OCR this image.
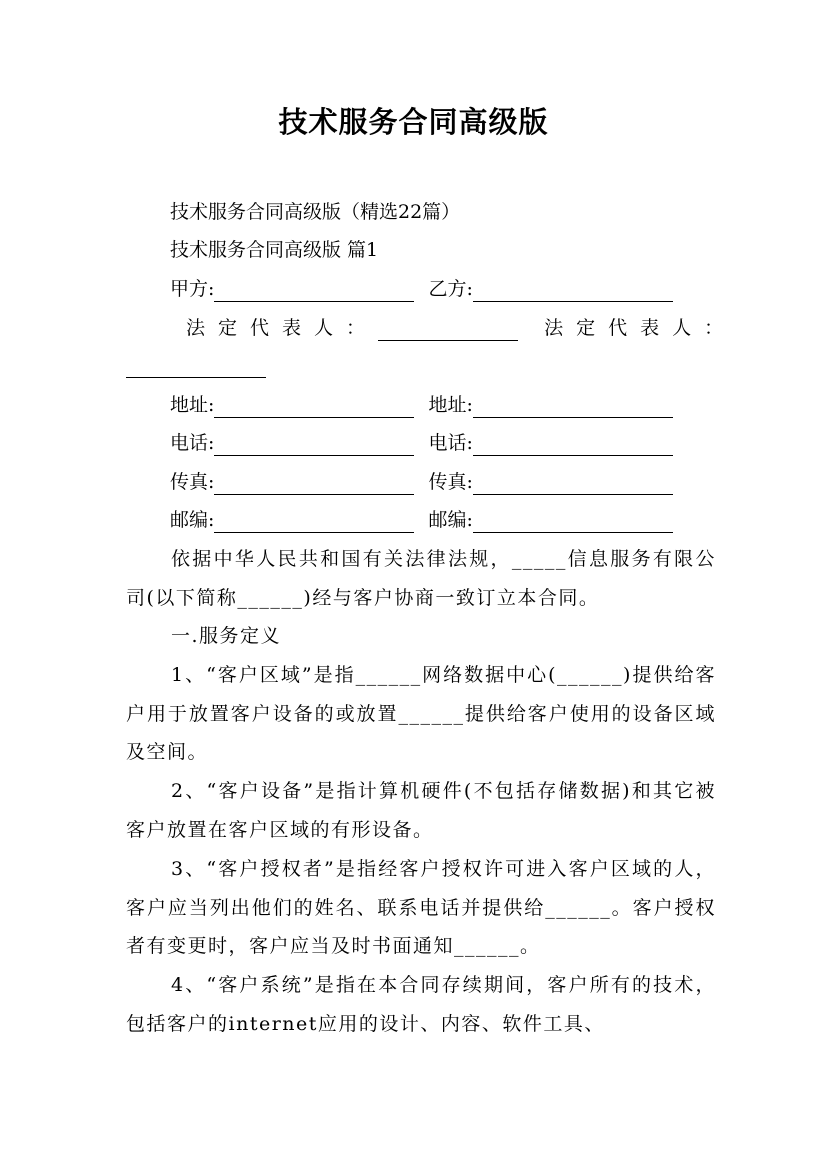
技术服务合同高级版
技术服务合同高级版（精选22篇）
技术服务合同高级版 篇1
甲方:	乙方:
法定代表人：	法定代表人：
地址:	地址:
电话:	电话:
传真:	传真:
邮编:	邮编:
依据中华人民共和国有关法律法规，_____信息服务有限公司(以下简称______)经与客户协商一致订立本合同。
一.服务定义
1、“客户区域”是指______网络数据中心(______)提供给客户用于放置客户设备的或放置______提供给客户使用的设备区域及空间。
2、“客户设备”是指计算机硬件(不包括存储数据)和其它被客户放置在客户区域的有形设备。
3、“客户授权者”是指经客户授权许可进入客户区域的人，客户应当列出他们的姓名、联系电话并提供给______。客户授权者有变更时，客户应当及时书面通知______。
4、“客户系统”是指在本合同存续期间，客户所有的技术，包括客户的internet应用的设计、内容、软件工具、
